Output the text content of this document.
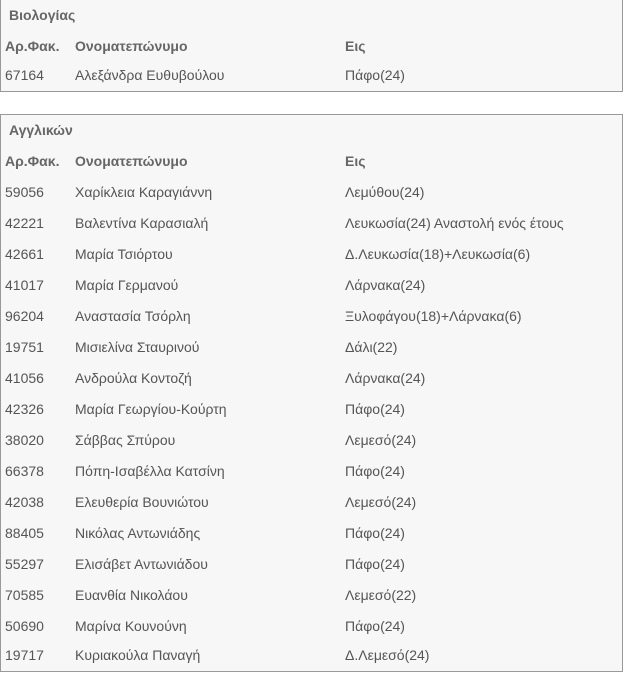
Βιολογίας
Αρ.Φακ.	Ονοματεπώνυμο	Εις
67164	Αλεξάνδρα Ευθυβούλου	Πάφο(24)
Αγγλικών
Αρ.Φακ.	Ονοματεπώνυμο	Εις
59056	Χαρίκλεια Καραγιάννη	Λεμύθου(24)
42221	Βαλεντίνα Καρασιαλή	Λευκωσία(24) Αναστολή ενός έτους
42661	Μαρία Τσιόρτου	Δ.Λευκωσία(18)+Λευκωσία(6)
41017	Μαρία Γερμανού	Λάρνακα(24)
96204	Αναστασία Τσόρλη	Ξυλοφάγου(18)+Λάρνακα(6)
19751	Μισιελίνα Σταυρινού	Δάλι(22)
41056	Ανδρούλα Κοντοζή	Λάρνακα(24)
42326	Μαρία Γεωργίου-Κούρτη	Πάφο(24)
38020	Σάββας Σπύρου	Λεμεσό(24)
66378	Πόπη-Ισαβέλλα Κατσίνη	Πάφο(24)
42038	Ελευθερία Βουνιώτου	Λεμεσό(24)
88405	Νικόλας Αντωνιάδης	Πάφο(24)
55297	Ελισάβετ Αντωνιάδου	Πάφο(24)
70585	Ευανθία Νικολάου	Λεμεσό(22)
50690	Μαρίνα Κουνούνη	Πάφο(24)
19717	Κυριακούλα Παναγή	Δ.Λεμεσό(24)
